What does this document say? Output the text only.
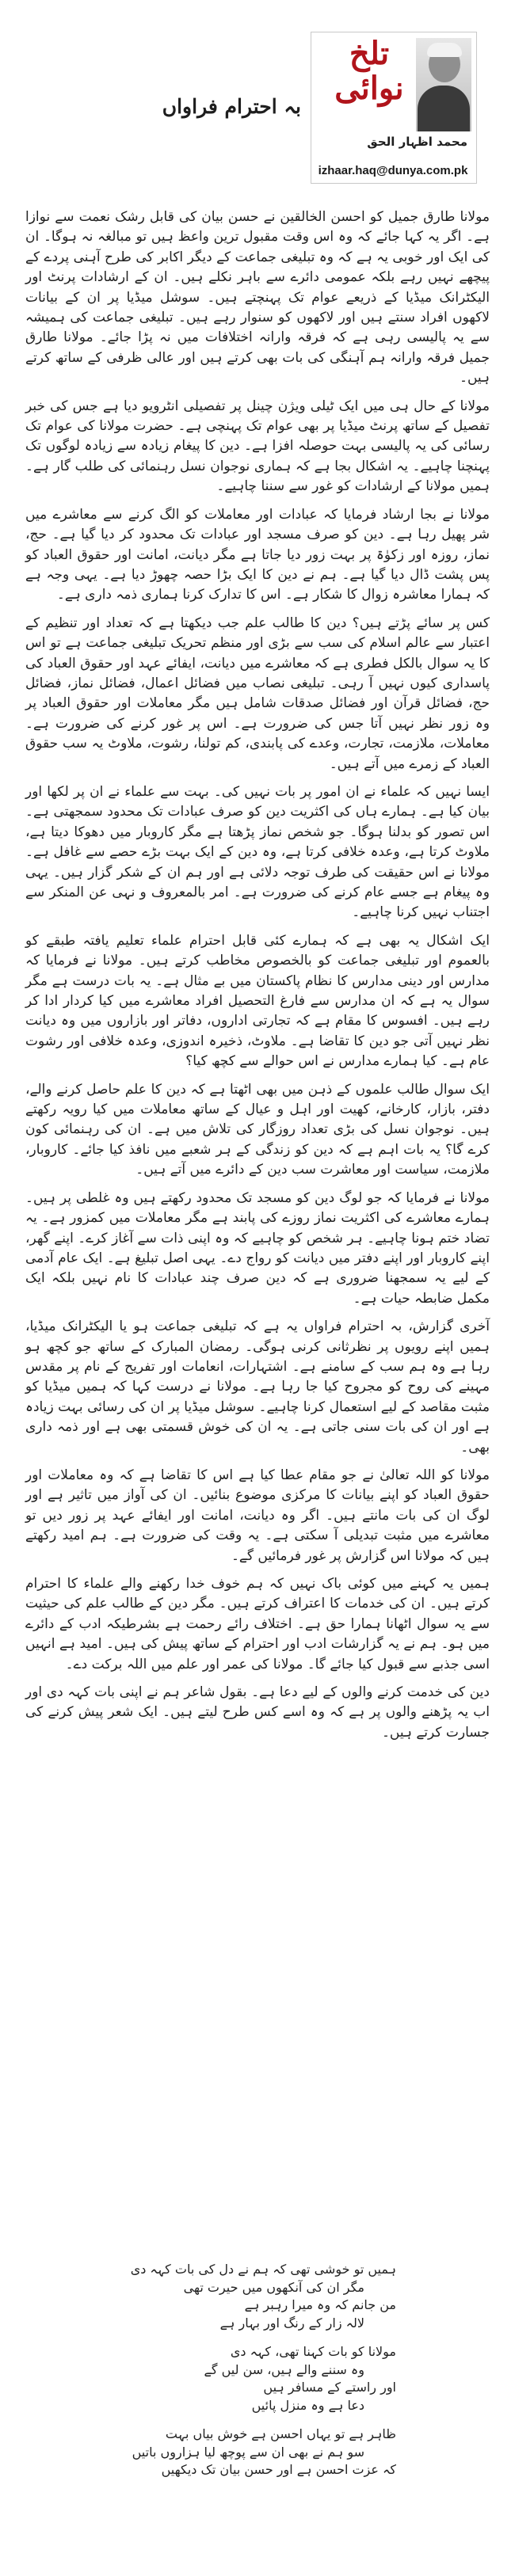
تلخ نوائی
محمد اظہار الحق
izhaar.haq@dunya.com.pk
بہ احترام فراواں

مولانا طارق جمیل کو احسن الخالقین نے حسن بیان کی قابل رشک نعمت سے نوازا ہے۔ اگر یہ کہا جائے کہ وہ اس وقت مقبول ترین واعظ ہیں تو مبالغہ نہ ہوگا۔ ان کی ایک اور خوبی یہ ہے کہ وہ تبلیغی جماعت کے دیگر اکابر کی طرح آہنی پردے کے پیچھے نہیں رہے بلکہ عمومی دائرے سے باہر نکلے ہیں۔ ان کے ارشادات پرنٹ اور الیکٹرانک میڈیا کے ذریعے عوام تک پہنچتے ہیں۔ سوشل میڈیا پر ان کے بیانات لاکھوں افراد سنتے ہیں اور لاکھوں کو سنوار رہے ہیں۔ تبلیغی جماعت کی ہمیشہ سے یہ پالیسی رہی ہے کہ فرقہ وارانہ اختلافات میں نہ پڑا جائے۔ مولانا طارق جمیل فرقہ وارانہ ہم آہنگی کی بات بھی کرتے ہیں اور عالی ظرفی کے ساتھ کرتے ہیں۔

مولانا کے حال ہی میں ایک ٹیلی ویژن چینل پر تفصیلی انٹرویو دیا ہے جس کی خبر تفصیل کے ساتھ پرنٹ میڈیا پر بھی عوام تک پہنچی ہے۔ حضرت مولانا کی عوام تک رسائی کی یہ پالیسی بہت حوصلہ افزا ہے۔ دین کا پیغام زیادہ سے زیادہ لوگوں تک پہنچنا چاہیے۔ یہ اشکال بجا ہے کہ ہماری نوجوان نسل رہنمائی کی طلب گار ہے۔ ہمیں مولانا کے ارشادات کو غور سے سننا چاہیے۔

مولانا نے بجا ارشاد فرمایا کہ عبادات اور معاملات کو الگ کرنے سے معاشرے میں شر پھیل رہا ہے۔ دین کو صرف مسجد اور عبادات تک محدود کر دیا گیا ہے۔ حج، نماز، روزہ اور زکوٰۃ پر بہت زور دیا جاتا ہے مگر دیانت، امانت اور حقوق العباد کو پس پشت ڈال دیا گیا ہے۔ ہم نے دین کا ایک بڑا حصہ چھوڑ دیا ہے۔ یہی وجہ ہے کہ ہمارا معاشرہ زوال کا شکار ہے۔ اس کا تدارک کرنا ہماری ذمہ داری ہے۔

کس پر سائے پڑتے ہیں؟ دین کا طالب علم جب دیکھتا ہے کہ تعداد اور تنظیم کے اعتبار سے عالم اسلام کی سب سے بڑی اور منظم تحریک تبلیغی جماعت ہے تو اس کا یہ سوال بالکل فطری ہے کہ معاشرے میں دیانت، ایفائے عہد اور حقوق العباد کی پاسداری کیوں نہیں آ رہی۔ تبلیغی نصاب میں فضائل اعمال، فضائل نماز، فضائل حج، فضائل قرآن اور فضائل صدقات شامل ہیں مگر معاملات اور حقوق العباد پر وہ زور نظر نہیں آتا جس کی ضرورت ہے۔ اس پر غور کرنے کی ضرورت ہے۔ معاملات، ملازمت، تجارت، وعدے کی پابندی، کم تولنا، رشوت، ملاوٹ یہ سب حقوق العباد کے زمرے میں آتے ہیں۔

ایسا نہیں کہ علماء نے ان امور پر بات نہیں کی۔ بہت سے علماء نے ان پر لکھا اور بیان کیا ہے۔ ہمارے ہاں کی اکثریت دین کو صرف عبادات تک محدود سمجھتی ہے۔ اس تصور کو بدلنا ہوگا۔ جو شخص نماز پڑھتا ہے مگر کاروبار میں دھوکا دیتا ہے، ملاوٹ کرتا ہے، وعدہ خلافی کرتا ہے، وہ دین کے ایک بہت بڑے حصے سے غافل ہے۔ مولانا نے اس حقیقت کی طرف توجہ دلائی ہے اور ہم ان کے شکر گزار ہیں۔ یہی وہ پیغام ہے جسے عام کرنے کی ضرورت ہے۔ امر بالمعروف و نہی عن المنکر سے اجتناب نہیں کرنا چاہیے۔

ایک اشکال یہ بھی ہے کہ ہمارے کئی قابل احترام علماء تعلیم یافتہ طبقے کو بالعموم اور تبلیغی جماعت کو بالخصوص مخاطب کرتے ہیں۔ مولانا نے فرمایا کہ مدارس اور دینی مدارس کا نظام پاکستان میں بے مثال ہے۔ یہ بات درست ہے مگر سوال یہ ہے کہ ان مدارس سے فارغ التحصیل افراد معاشرے میں کیا کردار ادا کر رہے ہیں۔ افسوس کا مقام ہے کہ تجارتی اداروں، دفاتر اور بازاروں میں وہ دیانت نظر نہیں آتی جو دین کا تقاضا ہے۔ ملاوٹ، ذخیرہ اندوزی، وعدہ خلافی اور رشوت عام ہے۔ کیا ہمارے مدارس نے اس حوالے سے کچھ کیا؟

ایک سوال طالب علموں کے ذہن میں بھی اٹھتا ہے کہ دین کا علم حاصل کرنے والے، دفتر، بازار، کارخانے، کھیت اور اہل و عیال کے ساتھ معاملات میں کیا رویہ رکھتے ہیں۔ نوجوان نسل کی بڑی تعداد روزگار کی تلاش میں ہے۔ ان کی رہنمائی کون کرے گا؟ یہ بات اہم ہے کہ دین کو زندگی کے ہر شعبے میں نافذ کیا جائے۔ کاروبار، ملازمت، سیاست اور معاشرت سب دین کے دائرے میں آتے ہیں۔

مولانا نے فرمایا کہ جو لوگ دین کو مسجد تک محدود رکھتے ہیں وہ غلطی پر ہیں۔ ہمارے معاشرے کی اکثریت نماز روزے کی پابند ہے مگر معاملات میں کمزور ہے۔ یہ تضاد ختم ہونا چاہیے۔ ہر شخص کو چاہیے کہ وہ اپنی ذات سے آغاز کرے۔ اپنے گھر، اپنے کاروبار اور اپنے دفتر میں دیانت کو رواج دے۔ یہی اصل تبلیغ ہے۔ ایک عام آدمی کے لیے یہ سمجھنا ضروری ہے کہ دین صرف چند عبادات کا نام نہیں بلکہ ایک مکمل ضابطہ حیات ہے۔

آخری گزارش، بہ احترام فراواں یہ ہے کہ تبلیغی جماعت ہو یا الیکٹرانک میڈیا، ہمیں اپنے رویوں پر نظرثانی کرنی ہوگی۔ رمضان المبارک کے ساتھ جو کچھ ہو رہا ہے وہ ہم سب کے سامنے ہے۔ اشتہارات، انعامات اور تفریح کے نام پر مقدس مہینے کی روح کو مجروح کیا جا رہا ہے۔ مولانا نے درست کہا کہ ہمیں میڈیا کو مثبت مقاصد کے لیے استعمال کرنا چاہیے۔ سوشل میڈیا پر ان کی رسائی بہت زیادہ ہے اور ان کی بات سنی جاتی ہے۔ یہ ان کی خوش قسمتی بھی ہے اور ذمہ داری بھی۔

مولانا کو اللہ تعالیٰ نے جو مقام عطا کیا ہے اس کا تقاضا ہے کہ وہ معاملات اور حقوق العباد کو اپنے بیانات کا مرکزی موضوع بنائیں۔ ان کی آواز میں تاثیر ہے اور لوگ ان کی بات مانتے ہیں۔ اگر وہ دیانت، امانت اور ایفائے عہد پر زور دیں تو معاشرے میں مثبت تبدیلی آ سکتی ہے۔ یہ وقت کی ضرورت ہے۔ ہم امید رکھتے ہیں کہ مولانا اس گزارش پر غور فرمائیں گے۔

ہمیں یہ کہنے میں کوئی باک نہیں کہ ہم خوف خدا رکھنے والے علماء کا احترام کرتے ہیں۔ ان کی خدمات کا اعتراف کرتے ہیں۔ مگر دین کے طالب علم کی حیثیت سے یہ سوال اٹھانا ہمارا حق ہے۔ اختلاف رائے رحمت ہے بشرطیکہ ادب کے دائرے میں ہو۔ ہم نے یہ گزارشات ادب اور احترام کے ساتھ پیش کی ہیں۔ امید ہے انہیں اسی جذبے سے قبول کیا جائے گا۔ مولانا کی عمر اور علم میں اللہ برکت دے۔

دین کی خدمت کرنے والوں کے لیے دعا ہے۔ بقول شاعر ہم نے اپنی بات کہہ دی اور اب یہ پڑھنے والوں پر ہے کہ وہ اسے کس طرح لیتے ہیں۔ ایک شعر پیش کرنے کی جسارت کرتے ہیں۔

ہمیں تو خوشی تھی کہ ہم نے دل کی بات کہہ دی
مگر ان کی آنکھوں میں حیرت تھی
من جانم کہ وہ میرا رہبر ہے
لالہ زار کے رنگ اور بہار ہے
مولانا کو بات کہنا تھی، کہہ دی
وہ سننے والے ہیں، سن لیں گے
اور راستے کے مسافر ہیں
دعا ہے وہ منزل پائیں
ظاہر ہے تو یہاں احسن ہے خوش بیاں بہت
سو ہم نے بھی ان سے پوچھ لیا ہزاروں باتیں
کہ عزت احسن ہے اور حسن بیان تک دیکھیں
